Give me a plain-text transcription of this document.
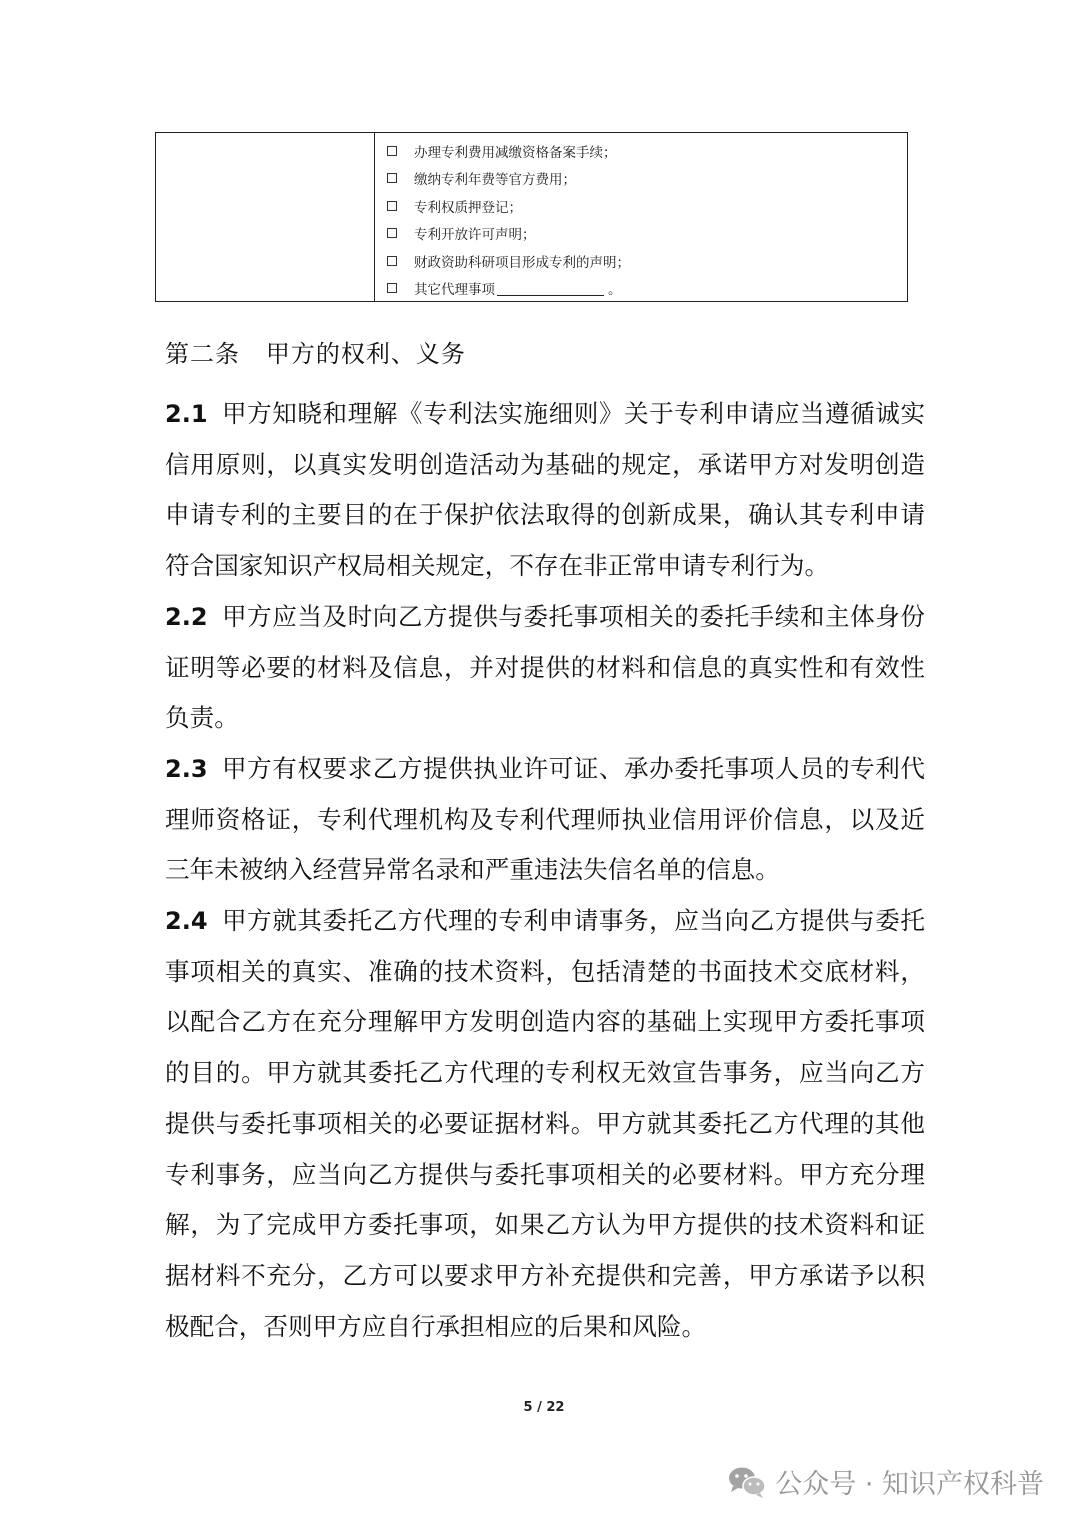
办理专利费用减缴资格备案手续；
缴纳专利年费等官方费用；
专利权质押登记；
专利开放许可声明；
财政资助科研项目形成专利的声明；
其它代理事项	。
第二条   甲方的权利、义务

2.1 甲方知晓和理解《专利法实施细则》关于专利申请应当遵循诚实信用原则，以真实发明创造活动为基础的规定，承诺甲方对发明创造申请专利的主要目的在于保护依法取得的创新成果，确认其专利申请符合国家知识产权局相关规定，不存在非正常申请专利行为。

2.2 甲方应当及时向乙方提供与委托事项相关的委托手续和主体身份证明等必要的材料及信息，并对提供的材料和信息的真实性和有效性负责。

2.3 甲方有权要求乙方提供执业许可证、承办委托事项人员的专利代理师资格证，专利代理机构及专利代理师执业信用评价信息，以及近三年未被纳入经营异常名录和严重违法失信名单的信息。

2.4 甲方就其委托乙方代理的专利申请事务，应当向乙方提供与委托事项相关的真实、准确的技术资料，包括清楚的书面技术交底材料，以配合乙方在充分理解甲方发明创造内容的基础上实现甲方委托事项的目的。甲方就其委托乙方代理的专利权无效宣告事务，应当向乙方提供与委托事项相关的必要证据材料。甲方就其委托乙方代理的其他专利事务，应当向乙方提供与委托事项相关的必要材料。甲方充分理解，为了完成甲方委托事项，如果乙方认为甲方提供的技术资料和证据材料不充分，乙方可以要求甲方补充提供和完善，甲方承诺予以积极配合，否则甲方应自行承担相应的后果和风险。

5 / 22
公众号 · 知识产权科普
